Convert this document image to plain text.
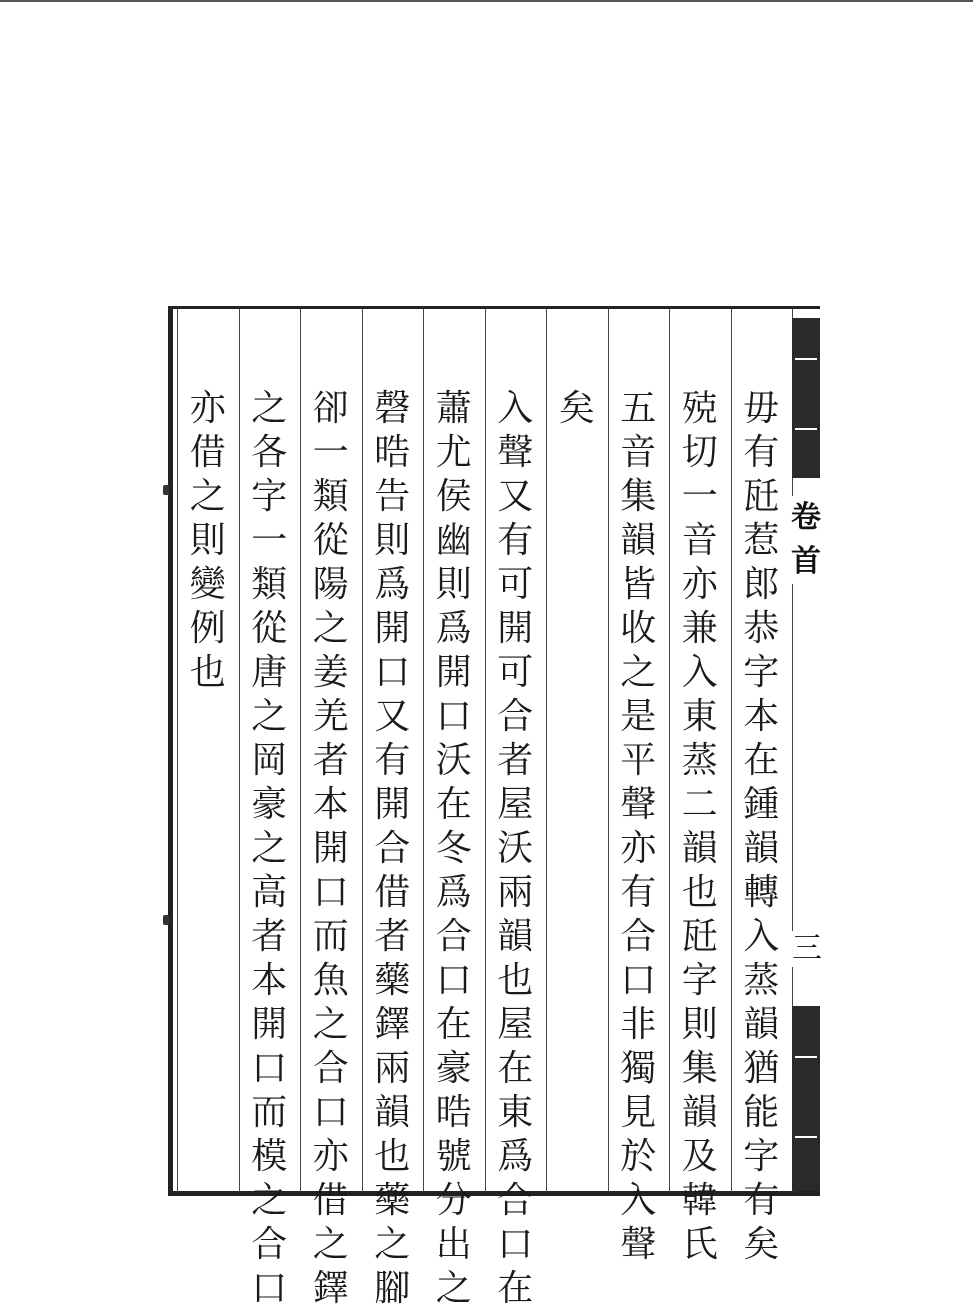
毋
有
瓩
惹
郎
恭
字
本
在
鍾
韻
轉
入
蒸
韻
猶
能
字
有
矣
殑
切
一
音
亦
兼
入
東
蒸
二
韻
也
瓩
字
則
集
韻
及
韓
氏
五
音
集
韻
皆
收
之
是
平
聲
亦
有
合
口
非
獨
見
於
入
聲
矣
入
聲
又
有
可
開
可
合
者
屋
沃
兩
韻
也
屋
在
東
爲
合
口
在
蕭
尤
侯
幽
則
爲
開
口
沃
在
冬
爲
合
口
在
豪
晧
號
分
出
之
磬
晧
告
則
爲
開
口
又
有
開
合
借
者
藥
鐸
兩
韻
也
藥
之
腳
卻
一
類
從
陽
之
姜
羌
者
本
開
口
而
魚
之
合
口
亦
借
之
鐸
之
各
字
一
類
從
唐
之
岡
豪
之
高
者
本
開
口
而
模
之
合
口
亦
借
之
則
變
例
也
卷
首
三
